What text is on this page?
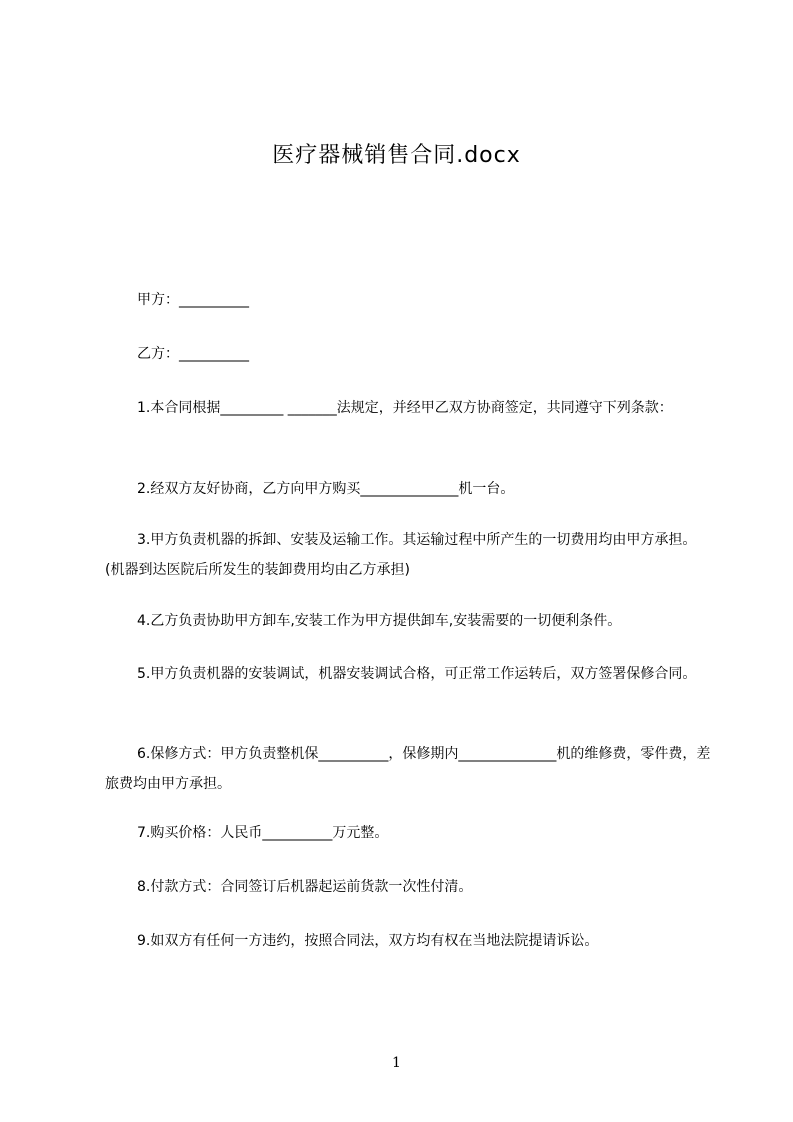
医疗器械销售合同.docx
甲方：__________
乙方：__________
1.本合同根据_________ _______法规定，并经甲乙双方协商签定，共同遵守下列条款：
2.经双方友好协商，乙方向甲方购买______________机一台。
3.甲方负责机器的拆卸、安装及运输工作。其运输过程中所产生的一切费用均由甲方承担。(机器到达医院后所发生的装卸费用均由乙方承担)
4.乙方负责协助甲方卸车,安装工作为甲方提供卸车,安装需要的一切便利条件。
5.甲方负责机器的安装调试，机器安装调试合格，可正常工作运转后，双方签署保修合同。
6.保修方式：甲方负责整机保__________，保修期内______________机的维修费，零件费，差旅费均由甲方承担。
7.购买价格：人民币__________万元整。
8.付款方式：合同签订后机器起运前货款一次性付清。
9.如双方有任何一方违约，按照合同法，双方均有权在当地法院提请诉讼。
1
